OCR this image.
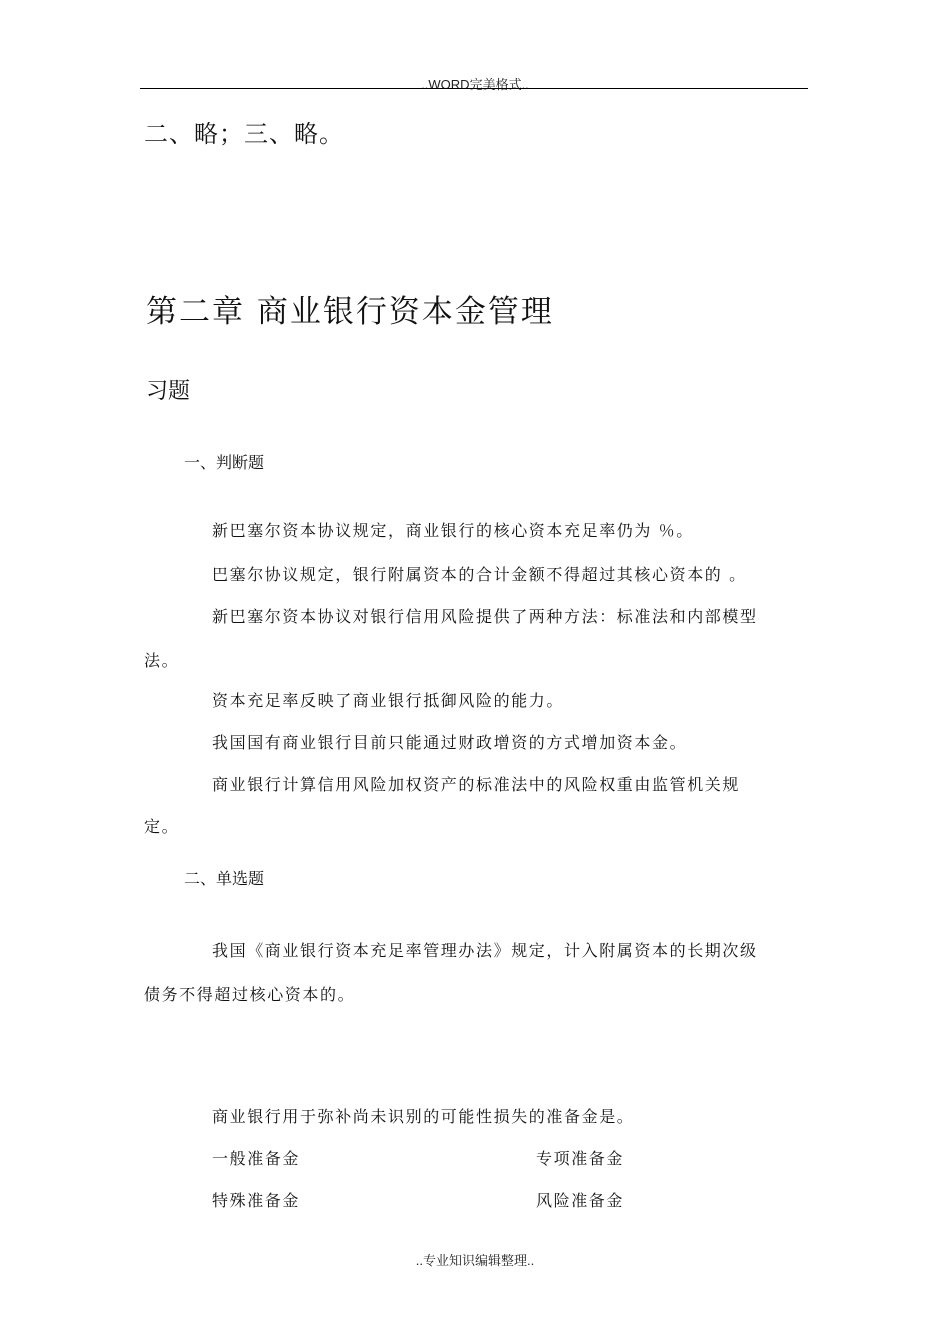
..WORD完美格式..
二、略；三、略。
第二章 商业银行资本金管理
习题
一、判断题
新巴塞尔资本协议规定，商业银行的核心资本充足率仍为 ％。
巴塞尔协议规定，银行附属资本的合计金额不得超过其核心资本的 。
新巴塞尔资本协议对银行信用风险提供了两种方法：标准法和内部模型
法。
资本充足率反映了商业银行抵御风险的能力。
我国国有商业银行目前只能通过财政增资的方式增加资本金。
商业银行计算信用风险加权资产的标准法中的风险权重由监管机关规
定。
二、单选题
我国《商业银行资本充足率管理办法》规定，计入附属资本的长期次级
债务不得超过核心资本的。
商业银行用于弥补尚未识别的可能性损失的准备金是。
一般准备金	专项准备金
特殊准备金	风险准备金
..专业知识编辑整理..
